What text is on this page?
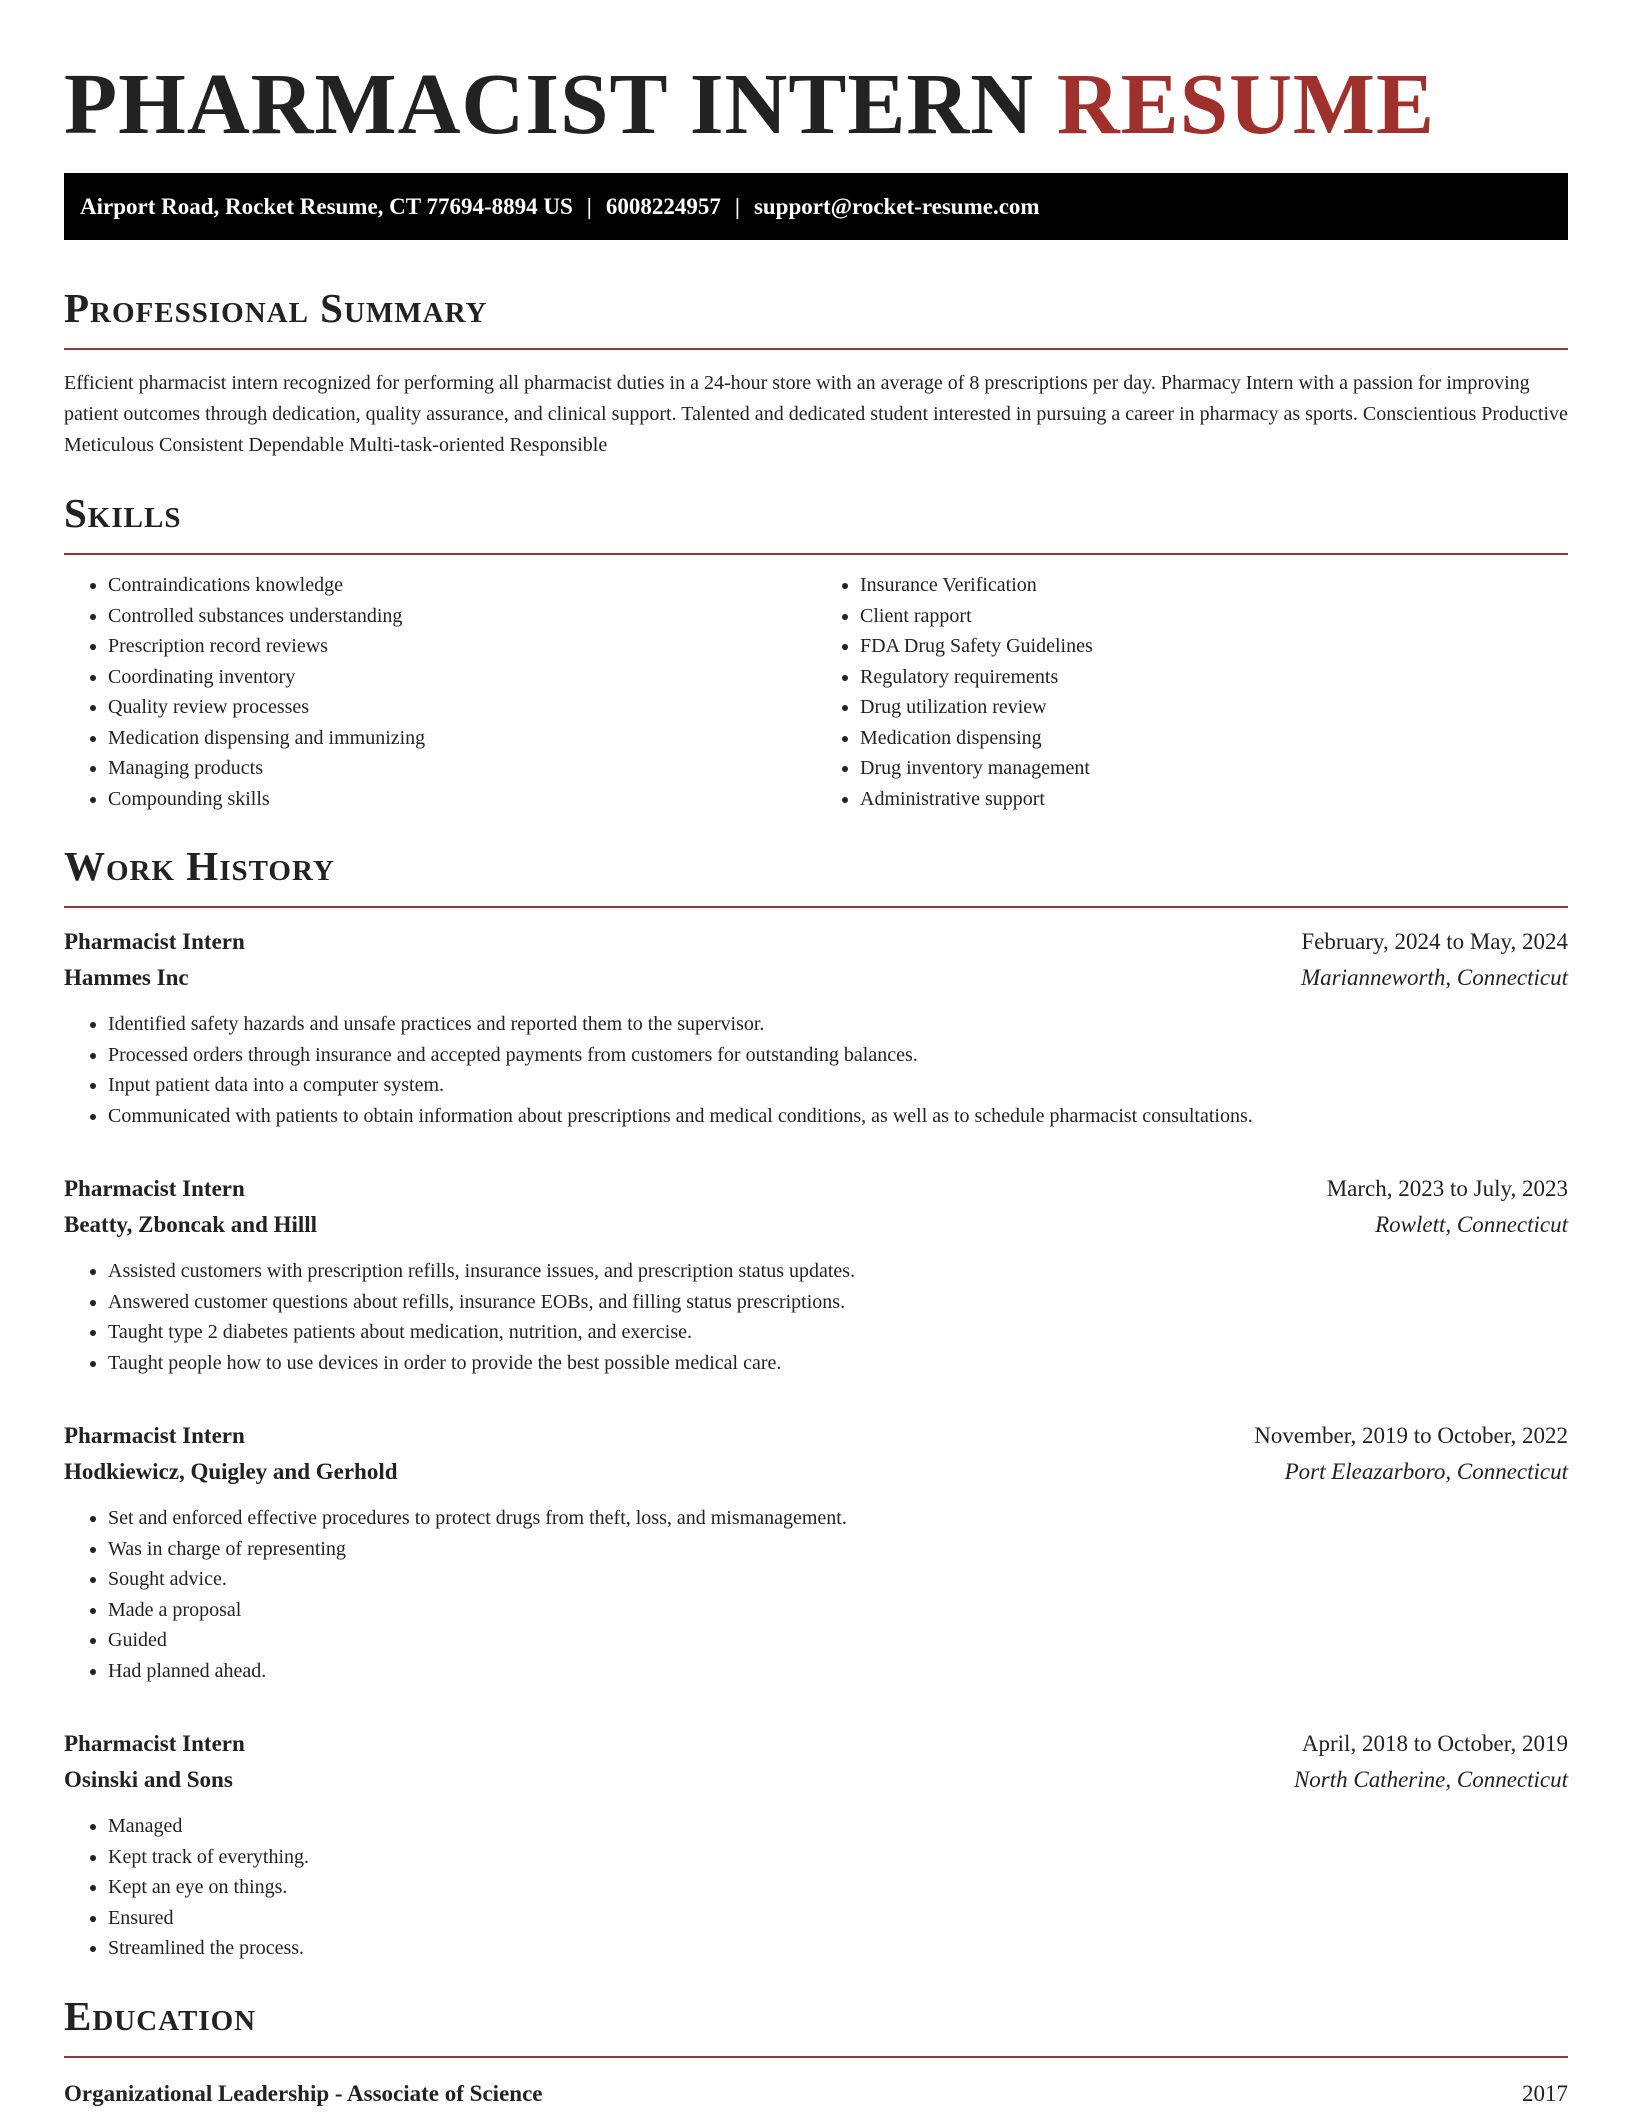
PHARMACIST INTERN RESUME
Airport Road, Rocket Resume, CT 77694-8894 US | 6008224957 | support@rocket-resume.com
Professional Summary

Efficient pharmacist intern recognized for performing all pharmacist duties in a 24-hour store with an average of 8 prescriptions per day. Pharmacy Intern with a passion for improving patient outcomes through dedication, quality assurance, and clinical support. Talented and dedicated student interested in pursuing a career in pharmacy as sports. Conscientious Productive Meticulous Consistent Dependable Multi-task-oriented Responsible

Skills
• Contraindications knowledge
• Controlled substances understanding
• Prescription record reviews
• Coordinating inventory
• Quality review processes
• Medication dispensing and immunizing
• Managing products
• Compounding skills
• Insurance Verification
• Client rapport
• FDA Drug Safety Guidelines
• Regulatory requirements
• Drug utilization review
• Medication dispensing
• Drug inventory management
• Administrative support
Work History
Pharmacist Intern	February, 2024 to May, 2024
Hammes Inc	Marianneworth, Connecticut
• Identified safety hazards and unsafe practices and reported them to the supervisor.
• Processed orders through insurance and accepted payments from customers for outstanding balances.
• Input patient data into a computer system.
• Communicated with patients to obtain information about prescriptions and medical conditions, as well as to schedule pharmacist consultations.
Pharmacist Intern	March, 2023 to July, 2023
Beatty, Zboncak and Hilll	Rowlett, Connecticut
• Assisted customers with prescription refills, insurance issues, and prescription status updates.
• Answered customer questions about refills, insurance EOBs, and filling status prescriptions.
• Taught type 2 diabetes patients about medication, nutrition, and exercise.
• Taught people how to use devices in order to provide the best possible medical care.
Pharmacist Intern	November, 2019 to October, 2022
Hodkiewicz, Quigley and Gerhold	Port Eleazarboro, Connecticut
• Set and enforced effective procedures to protect drugs from theft, loss, and mismanagement.
• Was in charge of representing
• Sought advice.
• Made a proposal
• Guided
• Had planned ahead.
Pharmacist Intern	April, 2018 to October, 2019
Osinski and Sons	North Catherine, Connecticut
• Managed
• Kept track of everything.
• Kept an eye on things.
• Ensured
• Streamlined the process.
Education
Organizational Leadership - Associate of Science	2017
